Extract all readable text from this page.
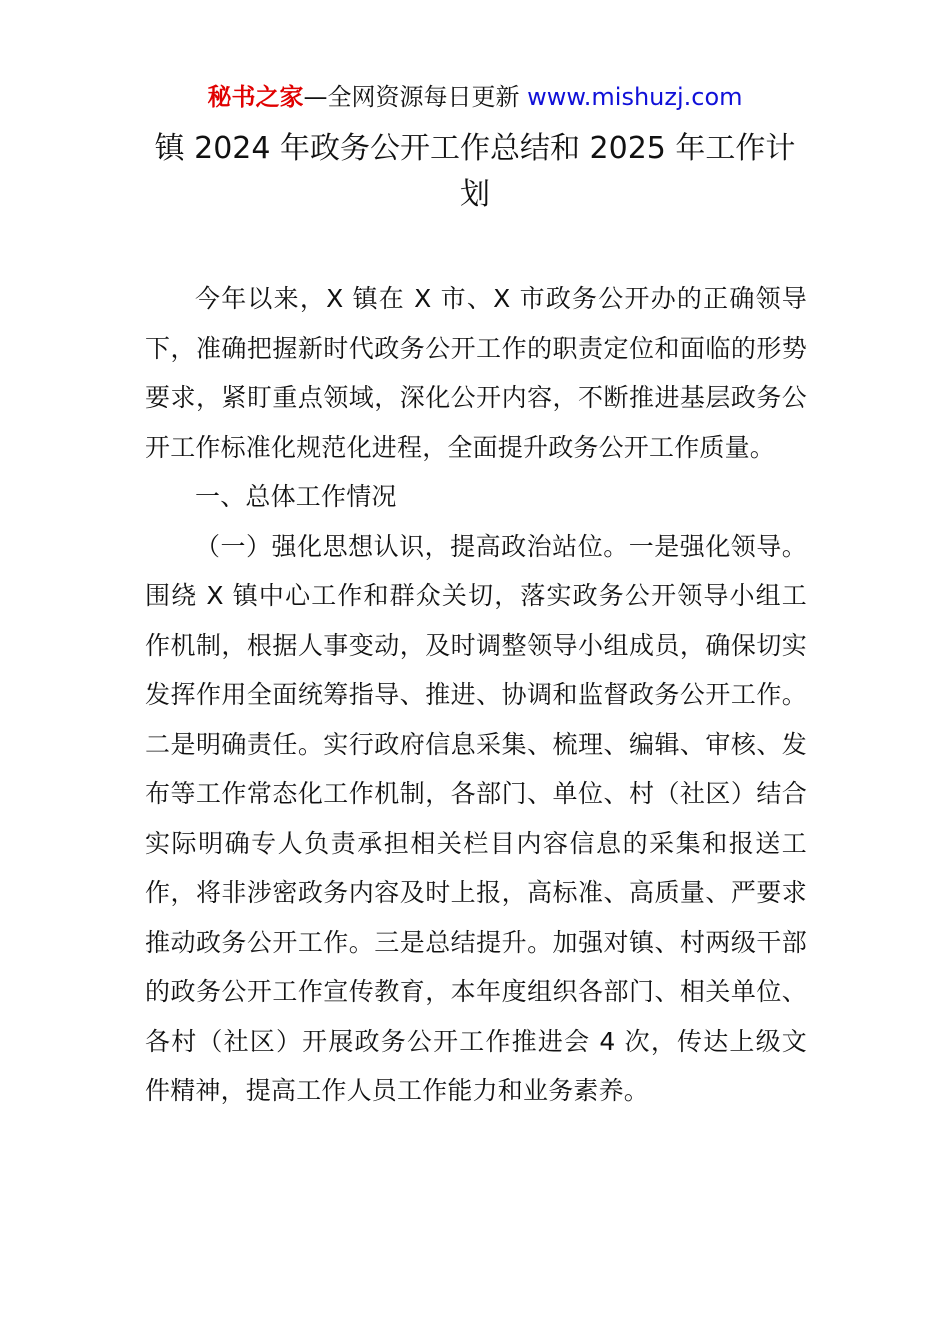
秘书之家—全网资源每日更新 www.mishuzj.com
镇 2024 年政务公开工作总结和 2025 年工作计划

今年以来，X 镇在 X 市、X 市政务公开办的正确领导下，准确把握新时代政务公开工作的职责定位和面临的形势要求，紧盯重点领域，深化公开内容，不断推进基层政务公开工作标准化规范化进程，全面提升政务公开工作质量。

一、总体工作情况

（一）强化思想认识，提高政治站位。一是强化领导。围绕 X 镇中心工作和群众关切，落实政务公开领导小组工作机制，根据人事变动，及时调整领导小组成员，确保切实发挥作用全面统筹指导、推进、协调和监督政务公开工作。二是明确责任。实行政府信息采集、梳理、编辑、审核、发布等工作常态化工作机制，各部门、单位、村（社区）结合实际明确专人负责承担相关栏目内容信息的采集和报送工作，将非涉密政务内容及时上报，高标准、高质量、严要求推动政务公开工作。三是总结提升。加强对镇、村两级干部的政务公开工作宣传教育，本年度组织各部门、相关单位、各村（社区）开展政务公开工作推进会 4 次，传达上级文件精神，提高工作人员工作能力和业务素养。
